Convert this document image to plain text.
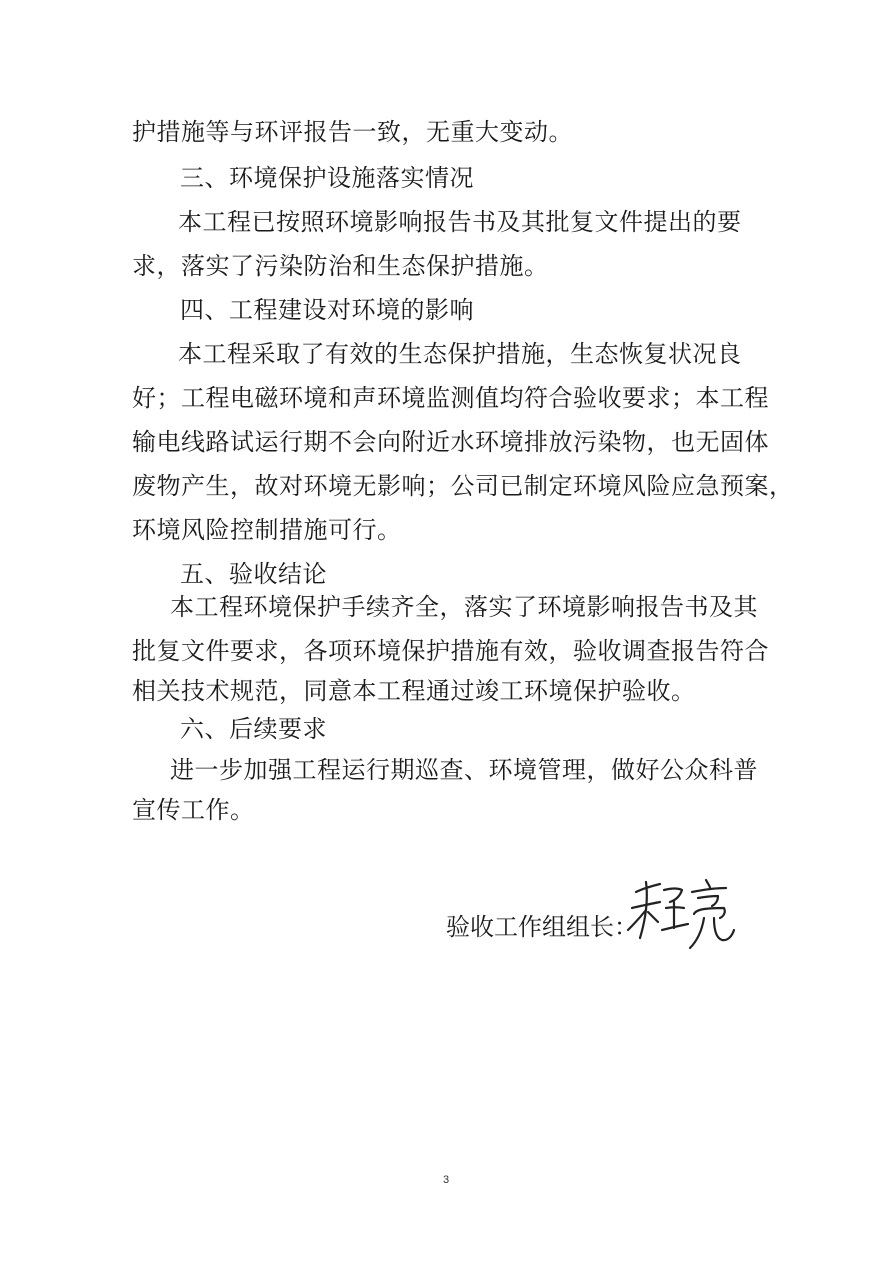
护措施等与环评报告一致，无重大变动。
三、环境保护设施落实情况
本工程已按照环境影响报告书及其批复文件提出的要
求，落实了污染防治和生态保护措施。
四、工程建设对环境的影响
本工程采取了有效的生态保护措施，生态恢复状况良
好；工程电磁环境和声环境监测值均符合验收要求；本工程
输电线路试运行期不会向附近水环境排放污染物，也无固体
废物产生，故对环境无影响；公司已制定环境风险应急预案，
环境风险控制措施可行。
五、验收结论
本工程环境保护手续齐全，落实了环境影响报告书及其
批复文件要求，各项环境保护措施有效，验收调查报告符合
相关技术规范，同意本工程通过竣工环境保护验收。
六、后续要求
进一步加强工程运行期巡查、环境管理，做好公众科普
宣传工作。
验收工作组组长：
3
